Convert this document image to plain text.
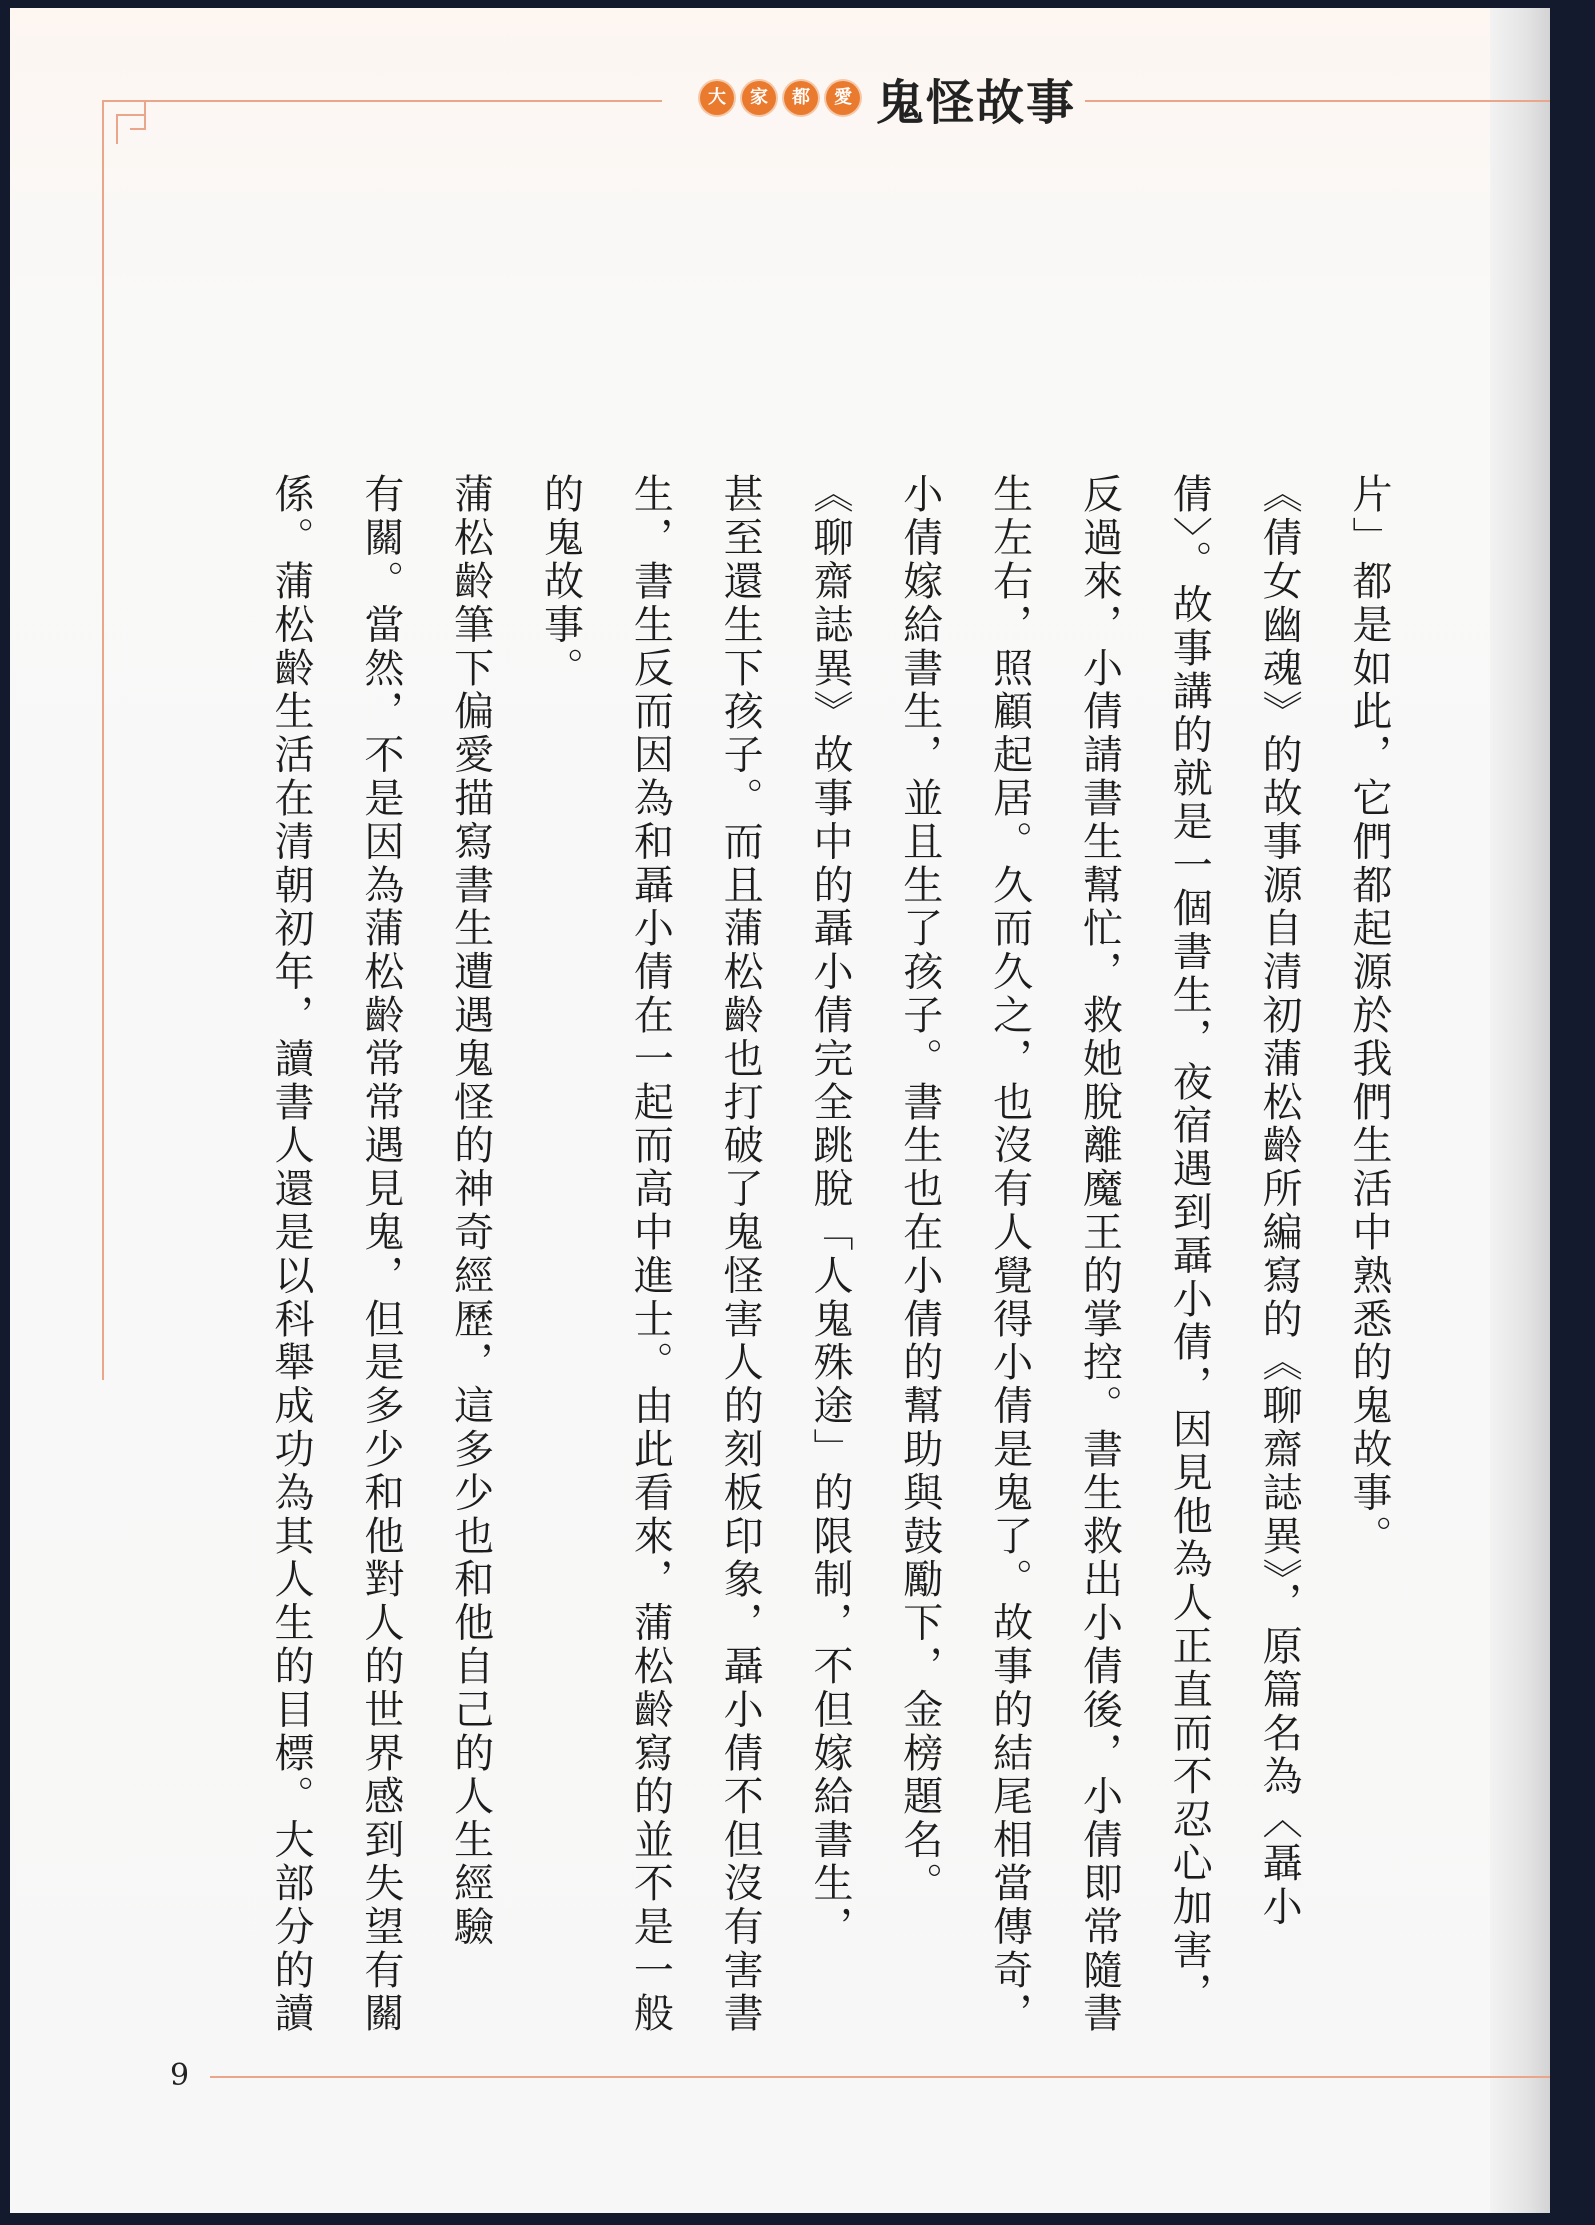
大	家	都	愛 鬼怪故事
片」都是如此，它們都起源於我們生活中熟悉的鬼故事。
《倩女幽魂》的故事源自清初蒲松齡所編寫的《聊齋誌異》，原篇名為〈聶小
倩〉。故事講的就是一個書生，夜宿遇到聶小倩，因見他為人正直而不忍心加害，
反過來，小倩請書生幫忙，救她脫離魔王的掌控。書生救出小倩後，小倩即常隨書
生左右，照顧起居。久而久之，也沒有人覺得小倩是鬼了。故事的結尾相當傳奇，
小倩嫁給書生，並且生了孩子。書生也在小倩的幫助與鼓勵下，金榜題名。
《聊齋誌異》故事中的聶小倩完全跳脫「人鬼殊途」的限制，不但嫁給書生，
甚至還生下孩子。而且蒲松齡也打破了鬼怪害人的刻板印象，聶小倩不但沒有害書
生，書生反而因為和聶小倩在一起而高中進士。由此看來，蒲松齡寫的並不是一般
的鬼故事。
蒲松齡筆下偏愛描寫書生遭遇鬼怪的神奇經歷，這多少也和他自己的人生經驗
有關。當然，不是因為蒲松齡常常遇見鬼，但是多少和他對人的世界感到失望有關
係。蒲松齡生活在清朝初年，讀書人還是以科舉成功為其人生的目標。大部分的讀
9
